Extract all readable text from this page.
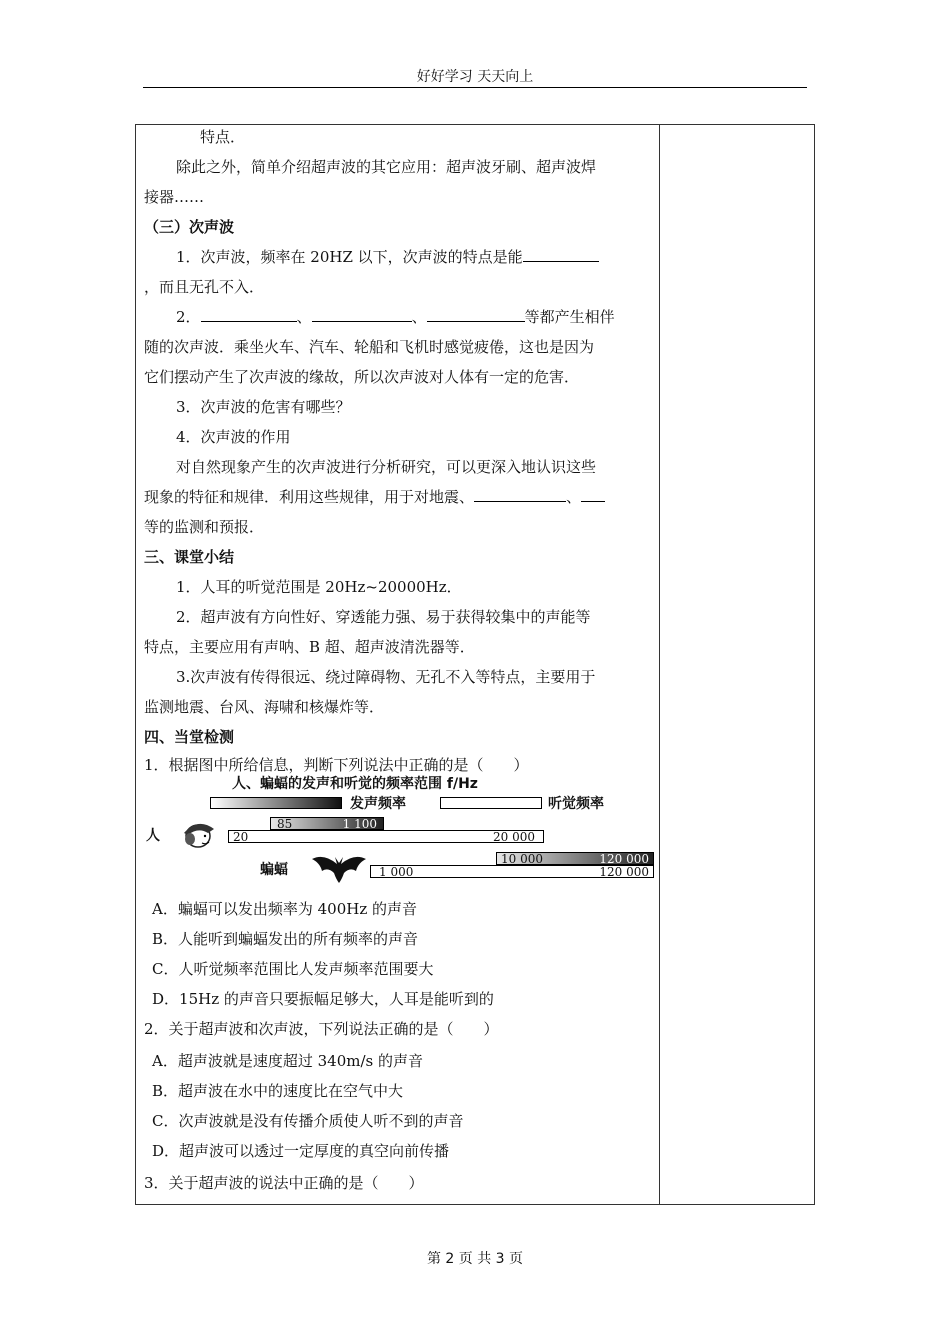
好好学习 天天向上
特点．
除此之外，简单介绍超声波的其它应用：超声波牙刷、超声波焊
接器……
（三）次声波
1．次声波，频率在 20HZ 以下，次声波的特点是能
，而且无孔不入．
2．	、	、	等都产生相伴
随的次声波．乘坐火车、汽车、轮船和飞机时感觉疲倦，这也是因为
它们摆动产生了次声波的缘故，所以次声波对人体有一定的危害．
3．次声波的危害有哪些？
4．次声波的作用
对自然现象产生的次声波进行分析研究，可以更深入地认识这些
现象的特征和规律．利用这些规律，用于对地震、	、
等的监测和预报．
三、课堂小结
1．人耳的听觉范围是 20Hz~20000Hz．
2．超声波有方向性好、穿透能力强、易于获得较集中的声能等
特点，主要应用有声呐、B 超、超声波清洗器等．
3.次声波有传得很远、绕过障碍物、无孔不入等特点，主要用于
监测地震、台风、海啸和核爆炸等．
四、当堂检测
1．根据图中所给信息，判断下列说法中正确的是（　　）
人、蝙蝠的发声和听觉的频率范围 f/Hz
发声频率	听觉频率
人
85	1 100
20	20 000
蝙蝠
10 000	120 000
1 000	120 000
A．蝙蝠可以发出频率为 400Hz 的声音
B．人能听到蝙蝠发出的所有频率的声音
C．人听觉频率范围比人发声频率范围要大
D．15Hz 的声音只要振幅足够大，人耳是能听到的
2．关于超声波和次声波，下列说法正确的是（　　）
A．超声波就是速度超过 340m/s 的声音
B．超声波在水中的速度比在空气中大
C．次声波就是没有传播介质使人听不到的声音
D．超声波可以透过一定厚度的真空向前传播
3．关于超声波的说法中正确的是（　　）
第 2 页 共 3 页
